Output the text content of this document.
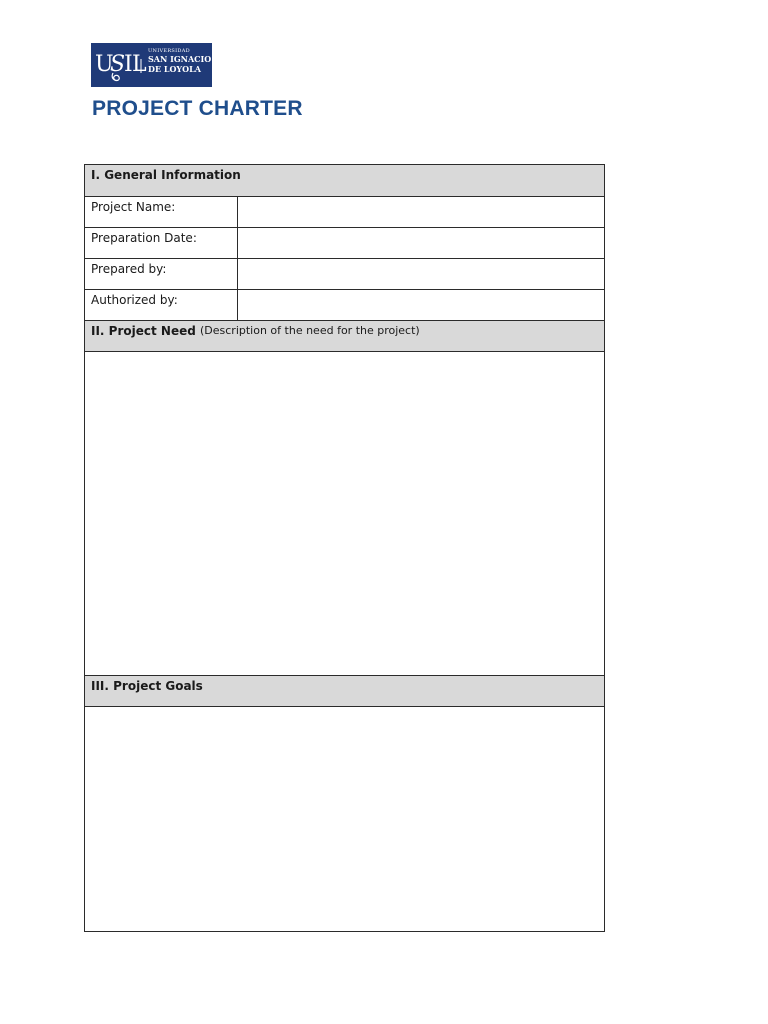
U
S
I L
UNIVERSIDAD
SAN IGNACIO
DE LOYOLA
PROJECT CHARTER
I. General Information
Project Name:
Preparation Date:
Prepared by:
Authorized by:
II. Project Need
(Description of the need for the project)
III. Project Goals
